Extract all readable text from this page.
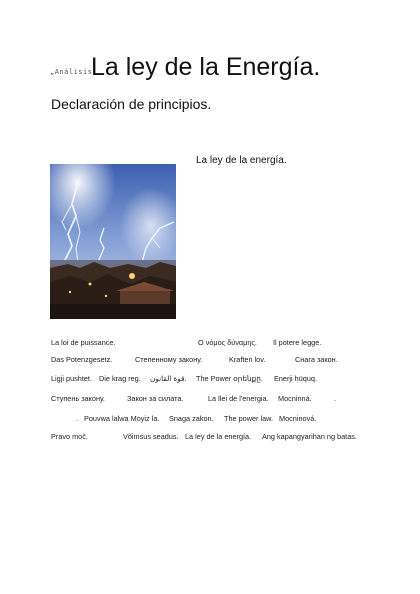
„Análisis
La ley de la Energía.
Declaración de principios.
La ley de la energía.
La loi de puissance.	Ο νόμος δύναμης. Il potere legge.
Das Potenzgesetz.	Степенному закону.	Kraften lov.	Снага закон.
Ligji pushtet. Die krag reg. قوة القانون. The Power օրենքը. Enerji hüquq.
Ступень закону.	Закон за силата.	La llei de l'energia. Mocninná.	.
. Pouvwa lalwa Moyiz la. Snaga zakon. The power law. Mocninová.
Pravo moč.	Võimsus seadus. La ley de la energía. Ang kapangyarihan ng batas.
